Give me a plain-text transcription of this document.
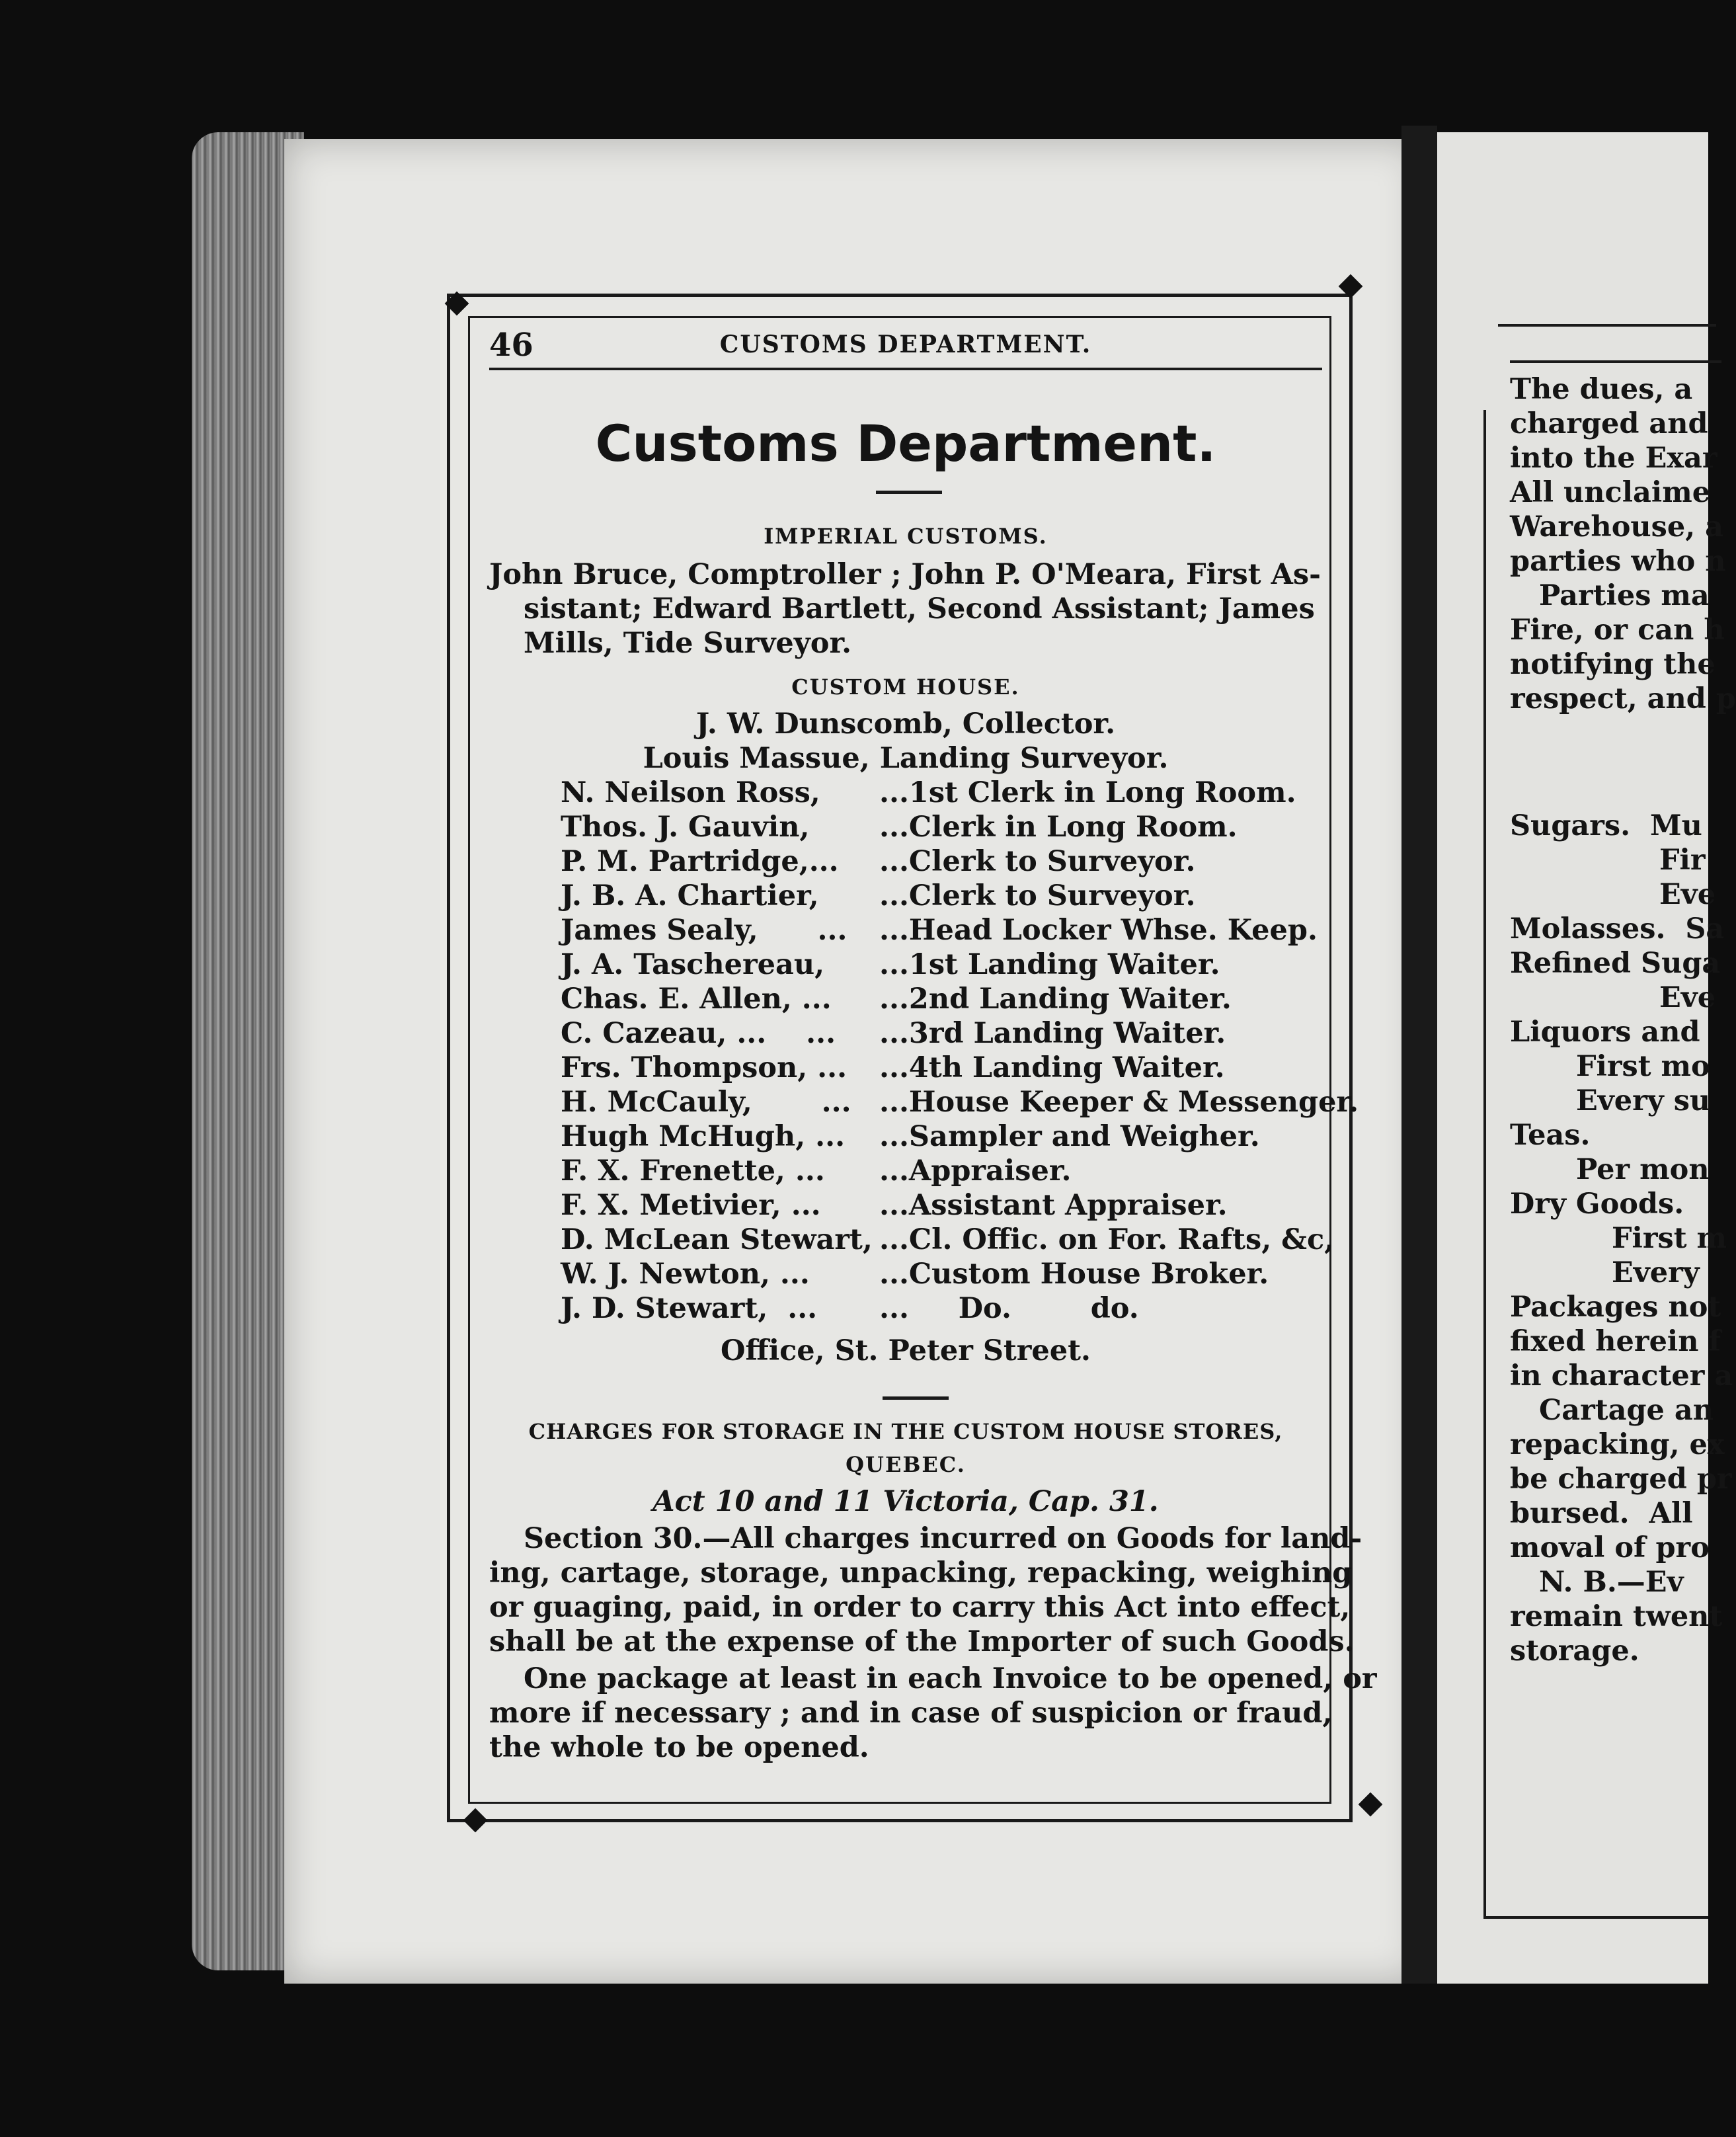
46	CUSTOMS DEPARTMENT.
Customs Department.
IMPERIAL CUSTOMS.
John Bruce, Comptroller ; John P. O'Meara, First As-
sistant; Edward Bartlett, Second Assistant; James
Mills, Tide Surveyor.
CUSTOM HOUSE.
J. W. Dunscomb, Collector.
Louis Massue, Landing Surveyor.
N. Neilson Ross, ...1st Clerk in Long Room.
Thos. J. Gauvin, ...Clerk in Long Room.
P. M. Partridge,... ...Clerk to Surveyor.
J. B. A. Chartier, ...Clerk to Surveyor.
James Sealy,      ... ...Head Locker Whse. Keep.
J. A. Taschereau, ...1st Landing Waiter.
Chas. E. Allen, ... ...2nd Landing Waiter.
C. Cazeau, ...    ... ...3rd Landing Waiter.
Frs. Thompson, ... ...4th Landing Waiter.
H. McCauly,       ... ...House Keeper & Messenger.
Hugh McHugh, ... ...Sampler and Weigher.
F. X. Frenette, ... ...Appraiser.
F. X. Metivier, ... ...Assistant Appraiser.
D. McLean Stewart, ...Cl. Offic. on For. Rafts, &c,
W. J. Newton, ... ...Custom House Broker.
J. D. Stewart,  ... ...     Do.        do.
Office, St. Peter Street.
CHARGES FOR STORAGE IN THE CUSTOM HOUSE STORES,
QUEBEC.
Act 10 and 11 Victoria, Cap. 31.
Section 30.—All charges incurred on Goods for land-
ing, cartage, storage, unpacking, repacking, weighing
or guaging, paid, in order to carry this Act into effect,
shall be at the expense of the Importer of such Goods.
One package at least in each Invoice to be opened, or
more if necessary ; and in case of suspicion or fraud,
the whole to be opened.
The dues, a
charged and
into the Exar
All unclaime
Warehouse, a
parties who n
Parties ma
Fire, or can h
notifying the
respect, and p
Sugars.  Mu
Fir
Eve
Molasses.  Sa
Refined Suga
Eve
Liquors and
First mo
Every su
Teas.
Per mon
Dry Goods.
First m
Every
Packages not
fixed herein f
in character a
Cartage an
repacking, ex
be charged pr
bursed.  All
moval of pro
N. B.—Ev
remain twent
storage.
